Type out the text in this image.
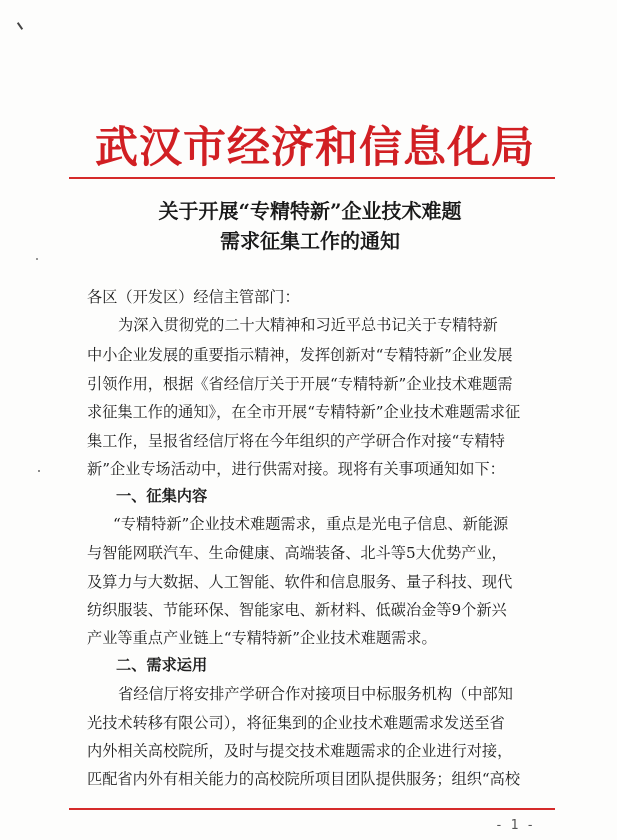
武汉市经济和信息化局
关于开展“专精特新”企业技术难题
需求征集工作的通知
各区（开发区）经信主管部门：
为深入贯彻党的二十大精神和习近平总书记关于专精特新
中小企业发展的重要指示精神，发挥创新对“专精特新”企业发展
引领作用，根据《省经信厅关于开展“专精特新”企业技术难题需
求征集工作的通知》，在全市开展“专精特新”企业技术难题需求征
集工作，呈报省经信厅将在今年组织的产学研合作对接“专精特
新”企业专场活动中，进行供需对接。现将有关事项通知如下：
一、征集内容
“专精特新”企业技术难题需求，重点是光电子信息、新能源
与智能网联汽车、生命健康、高端装备、北斗等5大优势产业，
及算力与大数据、人工智能、软件和信息服务、量子科技、现代
纺织服装、节能环保、智能家电、新材料、低碳冶金等9个新兴
产业等重点产业链上“专精特新”企业技术难题需求。
二、需求运用
省经信厅将安排产学研合作对接项目中标服务机构（中部知
光技术转移有限公司），将征集到的企业技术难题需求发送至省
内外相关高校院所，及时与提交技术难题需求的企业进行对接，
匹配省内外有相关能力的高校院所项目团队提供服务；组织“高校
- 1 -
